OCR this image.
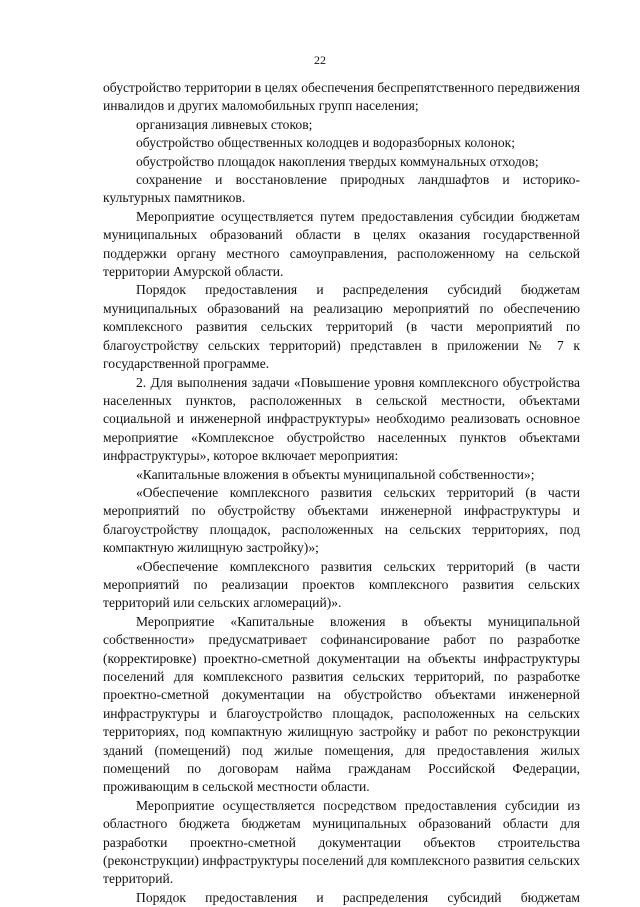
22

обустройство территории в целях обеспечения беспрепятственного передвижения инвалидов и других маломобильных групп населения;

организация ливневых стоков;

обустройство общественных колодцев и водоразборных колонок;

обустройство площадок накопления твердых коммунальных отходов;

сохранение и восстановление природных ландшафтов и историко-культурных памятников.

Мероприятие осуществляется путем предоставления субсидии бюджетам муниципальных образований области в целях оказания государственной поддержки органу местного самоуправления, расположенному на сельской территории Амурской области.

Порядок предоставления и распределения субсидий бюджетам муниципальных образований на реализацию мероприятий по обеспечению комплексного развития сельских территорий (в части мероприятий по благоустройству сельских территорий) представлен в приложении № 7 к государственной программе.

2. Для выполнения задачи «Повышение уровня комплексного обустройства населенных пунктов, расположенных в сельской местности, объектами социальной и инженерной инфраструктуры» необходимо реализовать основное мероприятие «Комплексное обустройство населенных пунктов объектами инфраструктуры», которое включает мероприятия:

«Капитальные вложения в объекты муниципальной собственности»;

«Обеспечение комплексного развития сельских территорий (в части мероприятий по обустройству объектами инженерной инфраструктуры и благоустройству площадок, расположенных на сельских территориях, под компактную жилищную застройку)»;

«Обеспечение комплексного развития сельских территорий (в части мероприятий по реализации проектов комплексного развития сельских территорий или сельских агломераций)».

Мероприятие «Капитальные вложения в объекты муниципальной собственности» предусматривает софинансирование работ по разработке (корректировке) проектно-сметной документации на объекты инфраструктуры поселений для комплексного развития сельских территорий, по разработке проектно-сметной документации на обустройство объектами инженерной инфраструктуры и благоустройство площадок, расположенных на сельских территориях, под компактную жилищную застройку и работ по реконструкции зданий (помещений) под жилые помещения, для предоставления жилых помещений по договорам найма гражданам Российской Федерации, проживающим в сельской местности области.

Мероприятие осуществляется посредством предоставления субсидии из областного бюджета бюджетам муниципальных образований области для разработки проектно-сметной документации объектов строительства (реконструкции) инфраструктуры поселений для комплексного развития сельских территорий.

Порядок предоставления и распределения субсидий бюджетам
